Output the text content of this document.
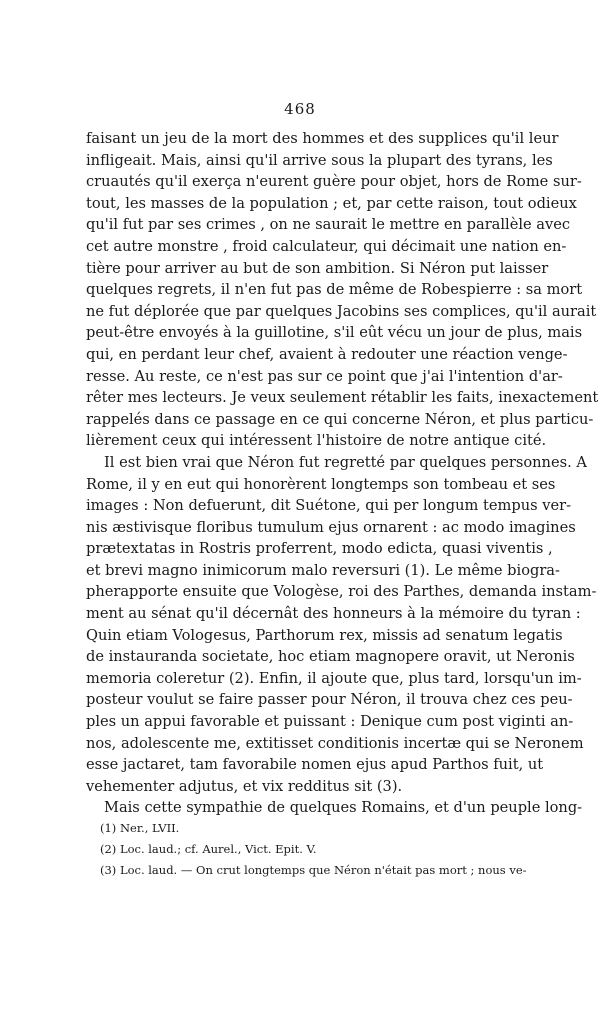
468
faisant un jeu de la mort des hommes et des supplices qu'il leur
infligeait. Mais, ainsi qu'il arrive sous la plupart des tyrans, les
cruautés qu'il exerça n'eurent guère pour objet, hors de Rome sur-
tout, les masses de la population ; et, par cette raison, tout odieux
qu'il fut par ses crimes , on ne saurait le mettre en parallèle avec
cet autre monstre , froid calculateur, qui décimait une nation en-
tière pour arriver au but de son ambition. Si Néron put laisser
quelques regrets, il n'en fut pas de même de Robespierre : sa mort
ne fut déplorée que par quelques Jacobins ses complices, qu'il aurait
peut-être envoyés à la guillotine, s'il eût vécu un jour de plus, mais
qui, en perdant leur chef, avaient à redouter une réaction venge-
resse. Au reste, ce n'est pas sur ce point que j'ai l'intention d'ar-
rêter mes lecteurs. Je veux seulement rétablir les faits, inexactement
rappelés dans ce passage en ce qui concerne Néron, et plus particu-
lièrement ceux qui intéressent l'histoire de notre antique cité.
Il est bien vrai que Néron fut regretté par quelques personnes. A
Rome, il y en eut qui honorèrent longtemps son tombeau et ses
images : Non defuerunt, dit Suétone, qui per longum tempus ver-
nis æstivisque floribus tumulum ejus ornarent : ac modo imagines
prætextatas in Rostris proferrent, modo edicta, quasi viventis ,
et brevi magno inimicorum malo reversuri (1). Le même biogra-
pherapporte ensuite que Vologèse, roi des Parthes, demanda instam-
ment au sénat qu'il décernât des honneurs à la mémoire du tyran :
Quin etiam Vologesus, Parthorum rex, missis ad senatum legatis
de instauranda societate, hoc etiam magnopere oravit, ut Neronis
memoria coleretur (2). Enfin, il ajoute que, plus tard, lorsqu'un im-
posteur voulut se faire passer pour Néron, il trouva chez ces peu-
ples un appui favorable et puissant : Denique cum post viginti an-
nos, adolescente me, extitisset conditionis incertæ qui se Neronem
esse jactaret, tam favorabile nomen ejus apud Parthos fuit, ut
vehementer adjutus, et vix redditus sit (3).
Mais cette sympathie de quelques Romains, et d'un peuple long-
(1) Ner., LVII.
(2) Loc. laud.; cf. Aurel., Vict. Epit. V.
(3) Loc. laud. — On crut longtemps que Néron n'était pas mort ; nous ve-
